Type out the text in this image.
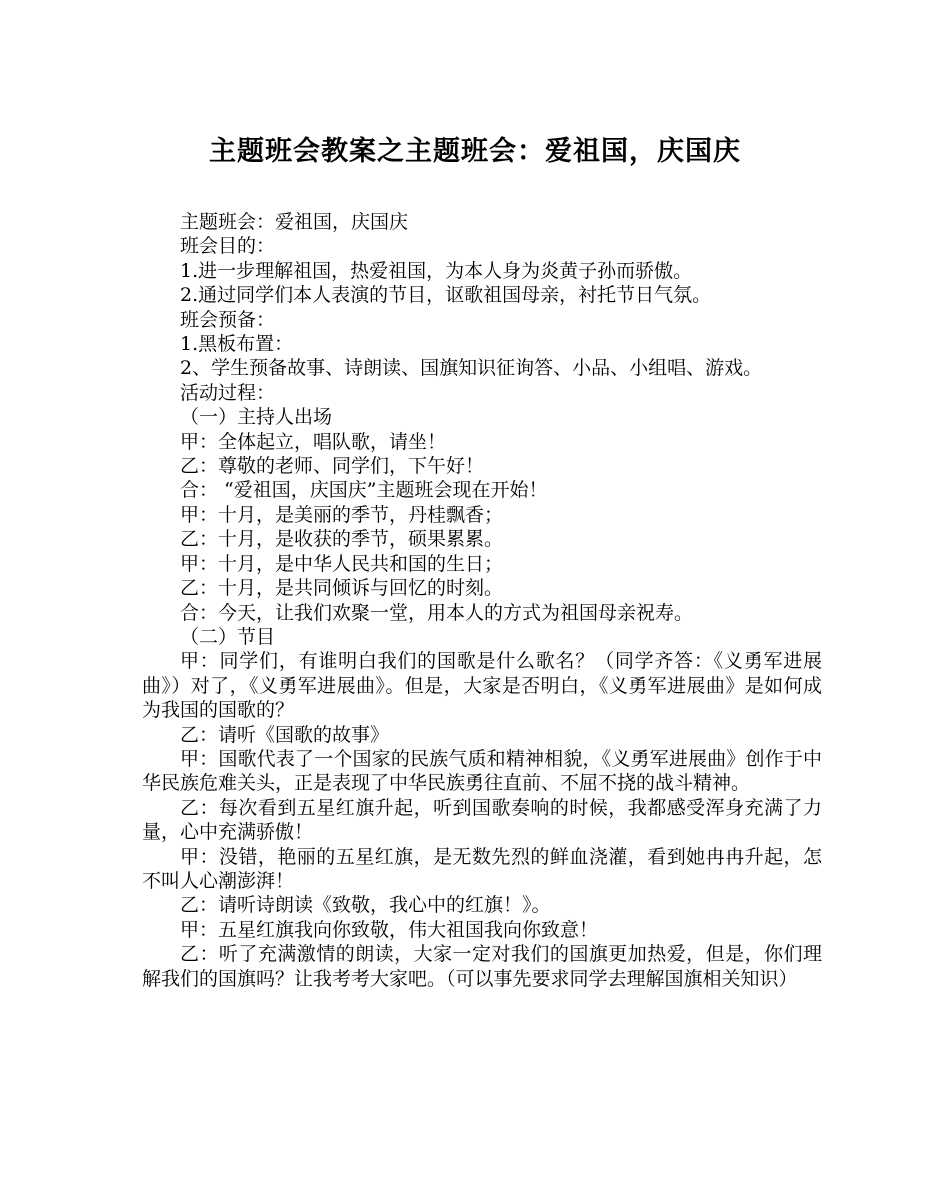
主题班会教案之主题班会：爱祖国，庆国庆

主题班会：爱祖国，庆国庆

班会目的：

1.进一步理解祖国，热爱祖国，为本人身为炎黄子孙而骄傲。

2.通过同学们本人表演的节目，讴歌祖国母亲，衬托节日气氛。

班会预备：

1.黑板布置：

2、学生预备故事、诗朗读、国旗知识征询答、小品、小组唱、游戏。

活动过程：

（一）主持人出场

甲：全体起立，唱队歌，请坐！

乙：尊敬的老师、同学们，下午好！

合： “爱祖国，庆国庆”主题班会现在开始！

甲：十月，是美丽的季节，丹桂飘香；

乙：十月，是收获的季节，硕果累累。

甲：十月，是中华人民共和国的生日；

乙：十月，是共同倾诉与回忆的时刻。

合：今天，让我们欢聚一堂，用本人的方式为祖国母亲祝寿。

（二）节目

甲：同学们，有谁明白我们的国歌是什么歌名？（同学齐答：《义勇军进展曲》）对了，《义勇军进展曲》。但是，大家是否明白，《义勇军进展曲》是如何成为我国的国歌的？

乙：请听《国歌的故事》

甲：国歌代表了一个国家的民族气质和精神相貌，《义勇军进展曲》创作于中华民族危难关头，正是表现了中华民族勇往直前、不屈不挠的战斗精神。

乙：每次看到五星红旗升起，听到国歌奏响的时候，我都感受浑身充满了力量，心中充满骄傲！

甲：没错，艳丽的五星红旗，是无数先烈的鲜血浇灌，看到她冉冉升起，怎不叫人心潮澎湃！

乙：请听诗朗读《致敬，我心中的红旗！》。

甲：五星红旗我向你致敬，伟大祖国我向你致意！

乙：听了充满激情的朗读，大家一定对我们的国旗更加热爱，但是，你们理解我们的国旗吗？让我考考大家吧。（可以事先要求同学去理解国旗相关知识）
